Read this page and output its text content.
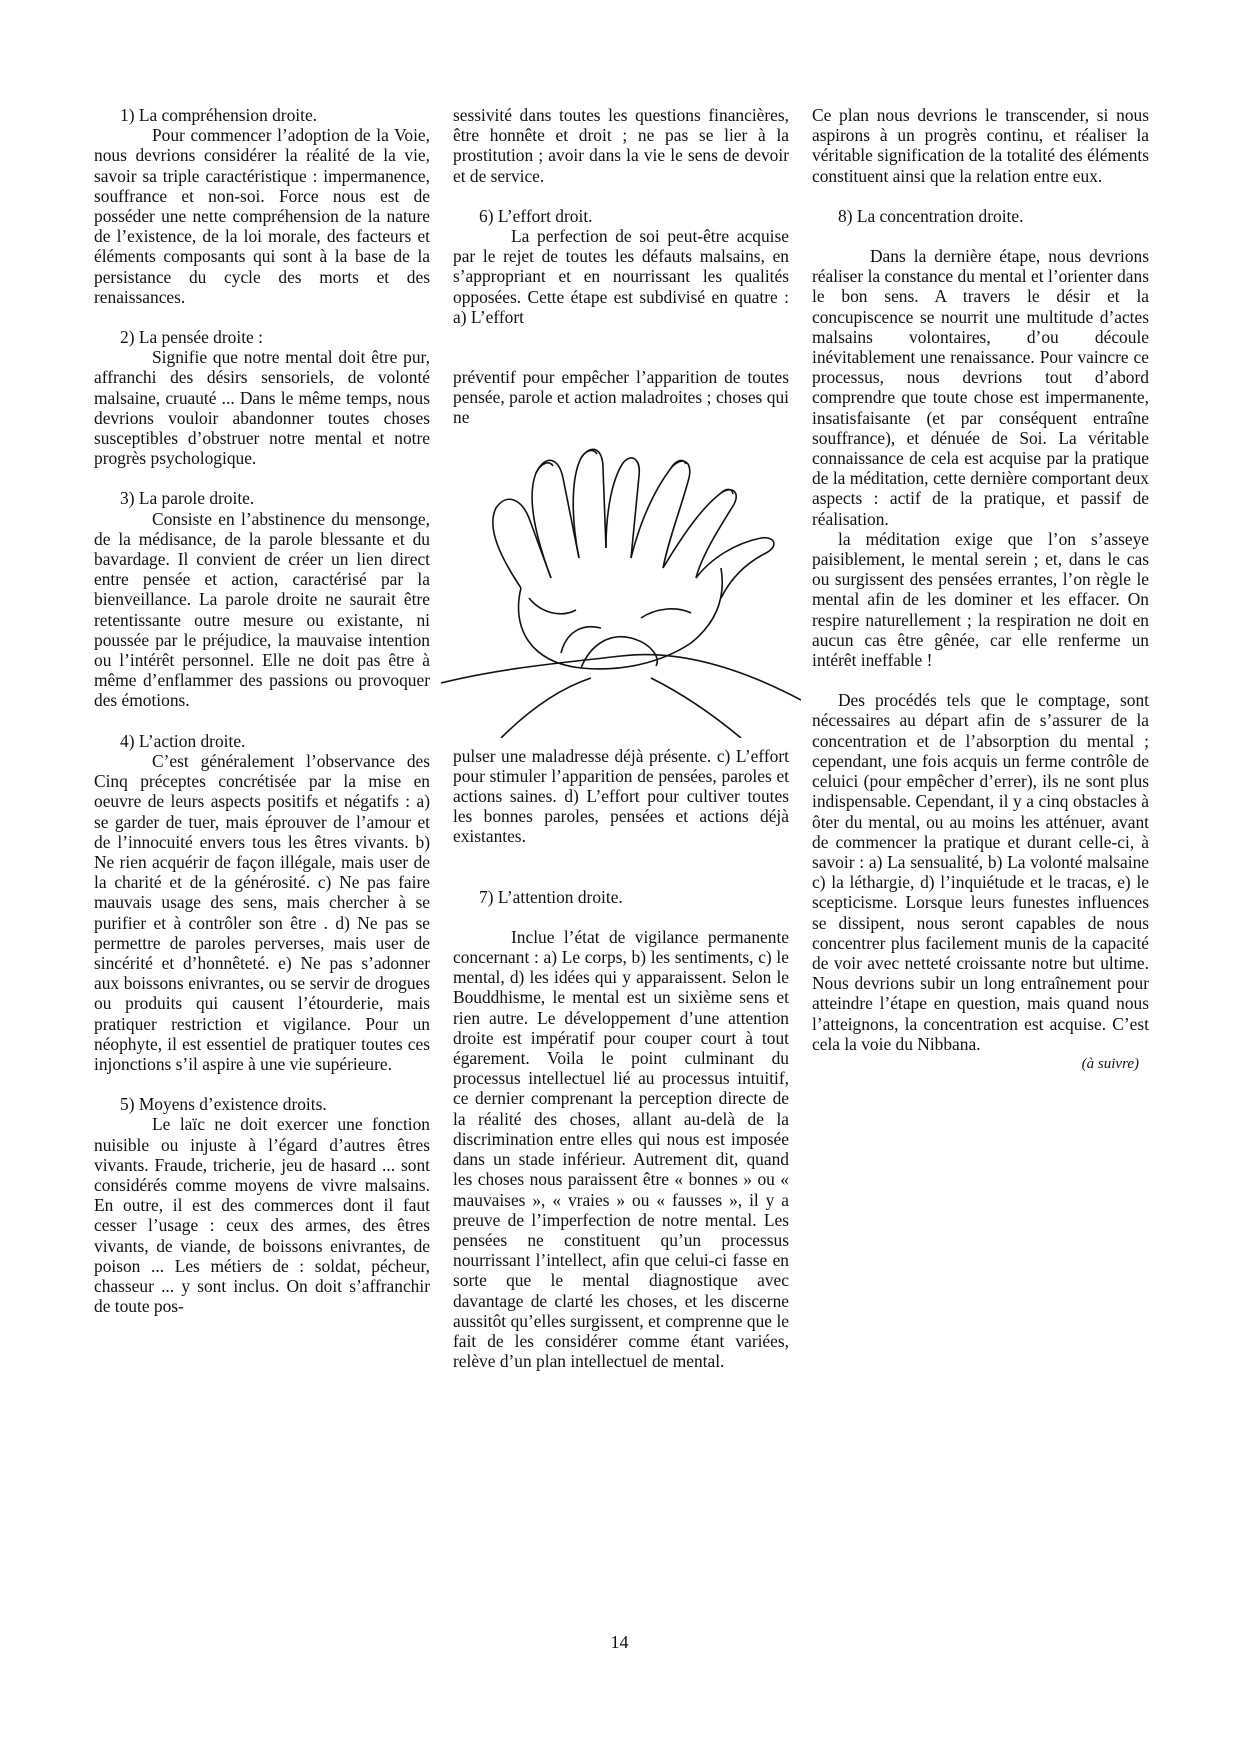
1) La compréhension droite.

Pour commencer l’adoption de la Voie, nous devrions considérer la réalité de la vie, savoir sa triple caractéristique : impermanence, souffrance et non-soi. Force nous est de posséder une nette compréhension de la nature de l’existence, de la loi morale, des facteurs et éléments composants qui sont à la base de la persistance du cycle des morts et des renaissances.

2) La pensée droite :

Signifie que notre mental doit être pur, affranchi des désirs sensoriels, de volonté malsaine, cruauté ... Dans le même temps, nous devrions vouloir abandonner toutes choses susceptibles d’obstruer notre mental et notre progrès psychologique.

3) La parole droite.

Consiste en l’abstinence du mensonge, de la médisance, de la parole blessante et du bavardage. Il convient de créer un lien direct entre pensée et action, caractérisé par la bienveillance. La parole droite ne saurait être retentissante outre mesure ou existante, ni poussée par le préjudice, la mauvaise intention ou l’intérêt personnel. Elle ne doit pas être à même d’enflammer des passions ou provoquer des émotions.

4) L’action droite.

C’est généralement l’observance des Cinq préceptes concrétisée par la mise en oeuvre de leurs aspects positifs et négatifs : a) se garder de tuer, mais éprouver de l’amour et de l’innocuité envers tous les êtres vivants. b) Ne rien acquérir de façon illégale, mais user de la charité et de la générosité. c) Ne pas faire mauvais usage des sens, mais chercher à se purifier et à contrôler son être . d) Ne pas se permettre de paroles perverses, mais user de sincérité et d’honnêteté. e) Ne pas s’adonner aux boissons enivrantes, ou se servir de drogues ou produits qui causent l’étourderie, mais pratiquer restriction et vigilance. Pour un néophyte, il est essentiel de pratiquer toutes ces injonctions s’il aspire à une vie supérieure.

5) Moyens d’existence droits.

Le laïc ne doit exercer une fonction nuisible ou injuste à l’égard d’autres êtres vivants. Fraude, tricherie, jeu de hasard ... sont considérés comme moyens de vivre malsains. En outre, il est des commerces dont il faut cesser l’usage : ceux des armes, des êtres vivants, de viande, de boissons enivrantes, de poison ... Les métiers de : soldat, pécheur, chasseur ... y sont inclus. On doit s’affranchir de toute pos-

sessivité dans toutes les questions financières, être honnête et droit ; ne pas se lier à la prostitution ; avoir dans la vie le sens de devoir et de service.

6) L’effort droit.

La perfection de soi peut-être acquise par le rejet de toutes les défauts malsains, en s’appropriant et en nourrissant les qualités opposées. Cette étape est subdivisé en quatre : a) L’effort

préventif pour empêcher l’apparition de toutes pensée, parole et action maladroites ; choses qui ne

pulser une maladresse déjà présente. c) L’effort pour stimuler l’apparition de pensées, paroles et actions saines. d) L’effort pour cultiver toutes les bonnes paroles, pensées et actions déjà existantes.

7) L’attention droite.

Inclue l’état de vigilance permanente concernant : a) Le corps, b) les sentiments, c) le mental, d) les idées qui y apparaissent. Selon le Bouddhisme, le mental est un sixième sens et rien autre. Le développement d’une attention droite est impératif pour couper court à tout égarement. Voila le point culminant du processus intellectuel lié au processus intuitif, ce dernier comprenant la perception directe de la réalité des choses, allant au-delà de la discrimination entre elles qui nous est imposée dans un stade inférieur. Autrement dit, quand les choses nous paraissent être « bonnes » ou « mauvaises », « vraies » ou « fausses », il y a preuve de l’imperfection de notre mental. Les pensées ne constituent qu’un processus nourrissant l’intellect, afin que celui-ci fasse en sorte que le mental diagnostique avec davantage de clarté les choses, et les discerne aussitôt qu’elles surgissent, et comprenne que le fait de les considérer comme étant variées, relève d’un plan intellectuel de mental.

Ce plan nous devrions le transcender, si nous aspirons à un progrès continu, et réaliser la véritable signification de la totalité des éléments constituent ainsi que la relation entre eux.

8) La concentration droite.

Dans la dernière étape, nous devrions réaliser la constance du mental et l’orienter dans le bon sens. A travers le désir et la concupiscence se nourrit une multitude d’actes malsains volontaires, d’ou découle inévitablement une renaissance. Pour vaincre ce processus, nous devrions tout d’abord comprendre que toute chose est impermanente, insatisfaisante (et par conséquent entraîne souffrance), et dénuée de Soi. La véritable connaissance de cela est acquise par la pratique de la méditation, cette dernière comportant deux aspects : actif de la pratique, et passif de réalisation.

la méditation exige que l’on s’asseye paisiblement, le mental serein ; et, dans le cas ou surgissent des pensées errantes, l’on règle le mental afin de les dominer et les effacer. On respire naturellement ; la respiration ne doit en aucun cas être gênée, car elle renferme un intérêt ineffable !

Des procédés tels que le comptage, sont nécessaires au départ afin de s’assurer de la concentration et de l’absorption du mental ; cependant, une fois acquis un ferme contrôle de celuici (pour empêcher d’errer), ils ne sont plus indispensable. Cependant, il y a cinq obstacles à ôter du mental, ou au moins les atténuer, avant de commencer la pratique et durant celle-ci, à savoir : a) La sensualité, b) La volonté malsaine c) la léthargie, d) l’inquiétude et le tracas, e) le scepticisme. Lorsque leurs funestes influences se dissipent, nous seront capables de nous concentrer plus facilement munis de la capacité de voir avec netteté croissante notre but ultime. Nous devrions subir un long entraînement pour atteindre l’étape en question, mais quand nous l’atteignons, la concentration est acquise. C’est cela la voie du Nibbana.

(à suivre)

14
